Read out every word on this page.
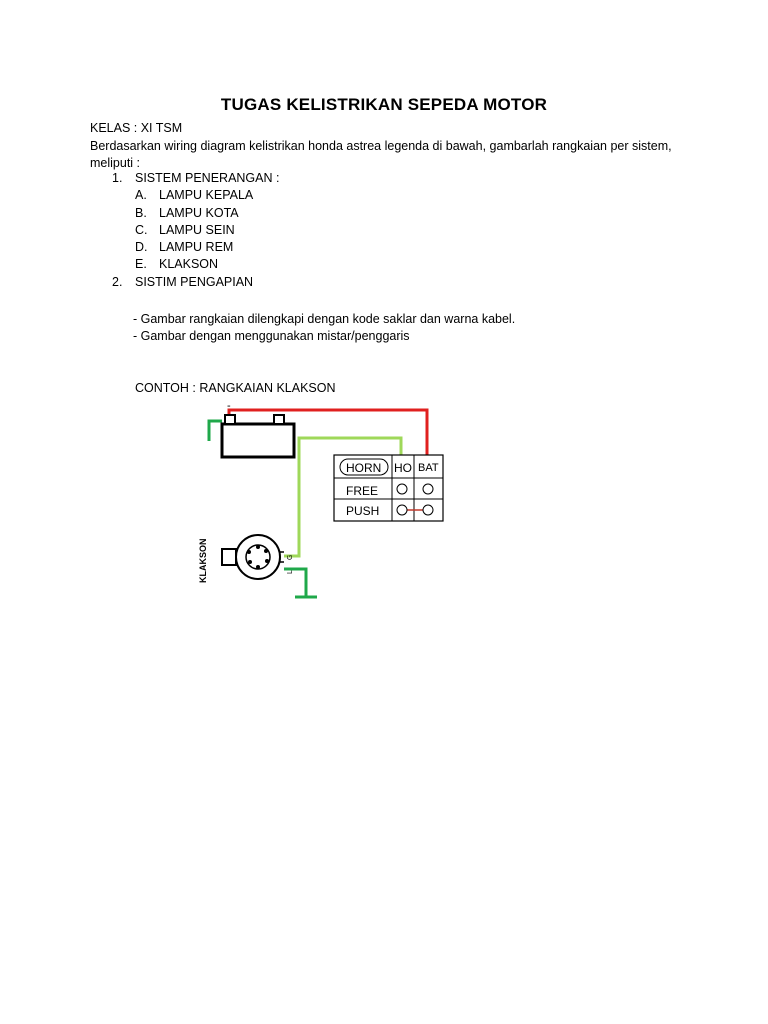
TUGAS KELISTRIKAN SEPEDA MOTOR
KELAS : XI TSM
Berdasarkan wiring diagram kelistrikan honda astrea legenda di bawah, gambarlah rangkaian per sistem, meliputi :
1. SISTEM PENERANGAN :
A. LAMPU KEPALA
B. LAMPU KOTA
C. LAMPU SEIN
D. LAMPU REM
E. KLAKSON
2. SISTIM PENGAPIAN
- Gambar rangkaian dilengkapi dengan kode saklar dan warna kabel.
- Gambar dengan menggunakan mistar/penggaris
CONTOH : RANGKAIAN KLAKSON
-
HORN HO BAT
FREE
PUSH
KLAKSON	G
L
